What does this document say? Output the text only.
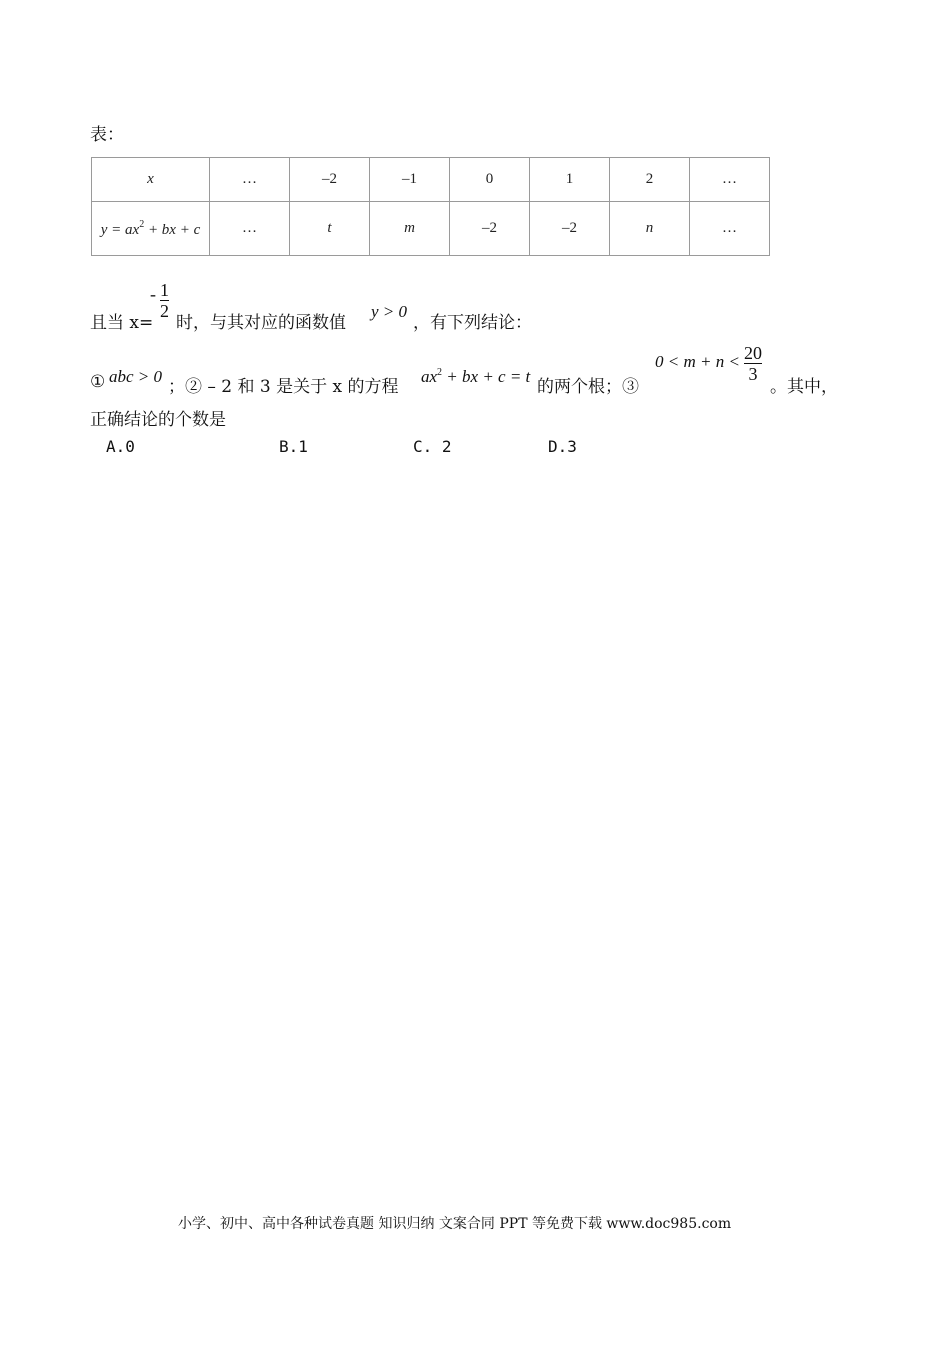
表：
x	…	–2	–1	0	1	2	…
$y = ax^2$ + bx + c	…	t	m	–2	–2	n	…
且当 x=
- 1
2
时，与其对应的函数值
y > 0
，有下列结论：
① abc > 0
；② – 2 和 3 是关于 x 的方程
$ax^2$ + bx + c = t
的两个根；③
0 < m + n < 20
3
。其中，
正确结论的个数是
A.0	B.1	C. 2	D.3
小学、初中、高中各种试卷真题 知识归纳 文案合同 PPT 等免费下载 www.doc985.com
